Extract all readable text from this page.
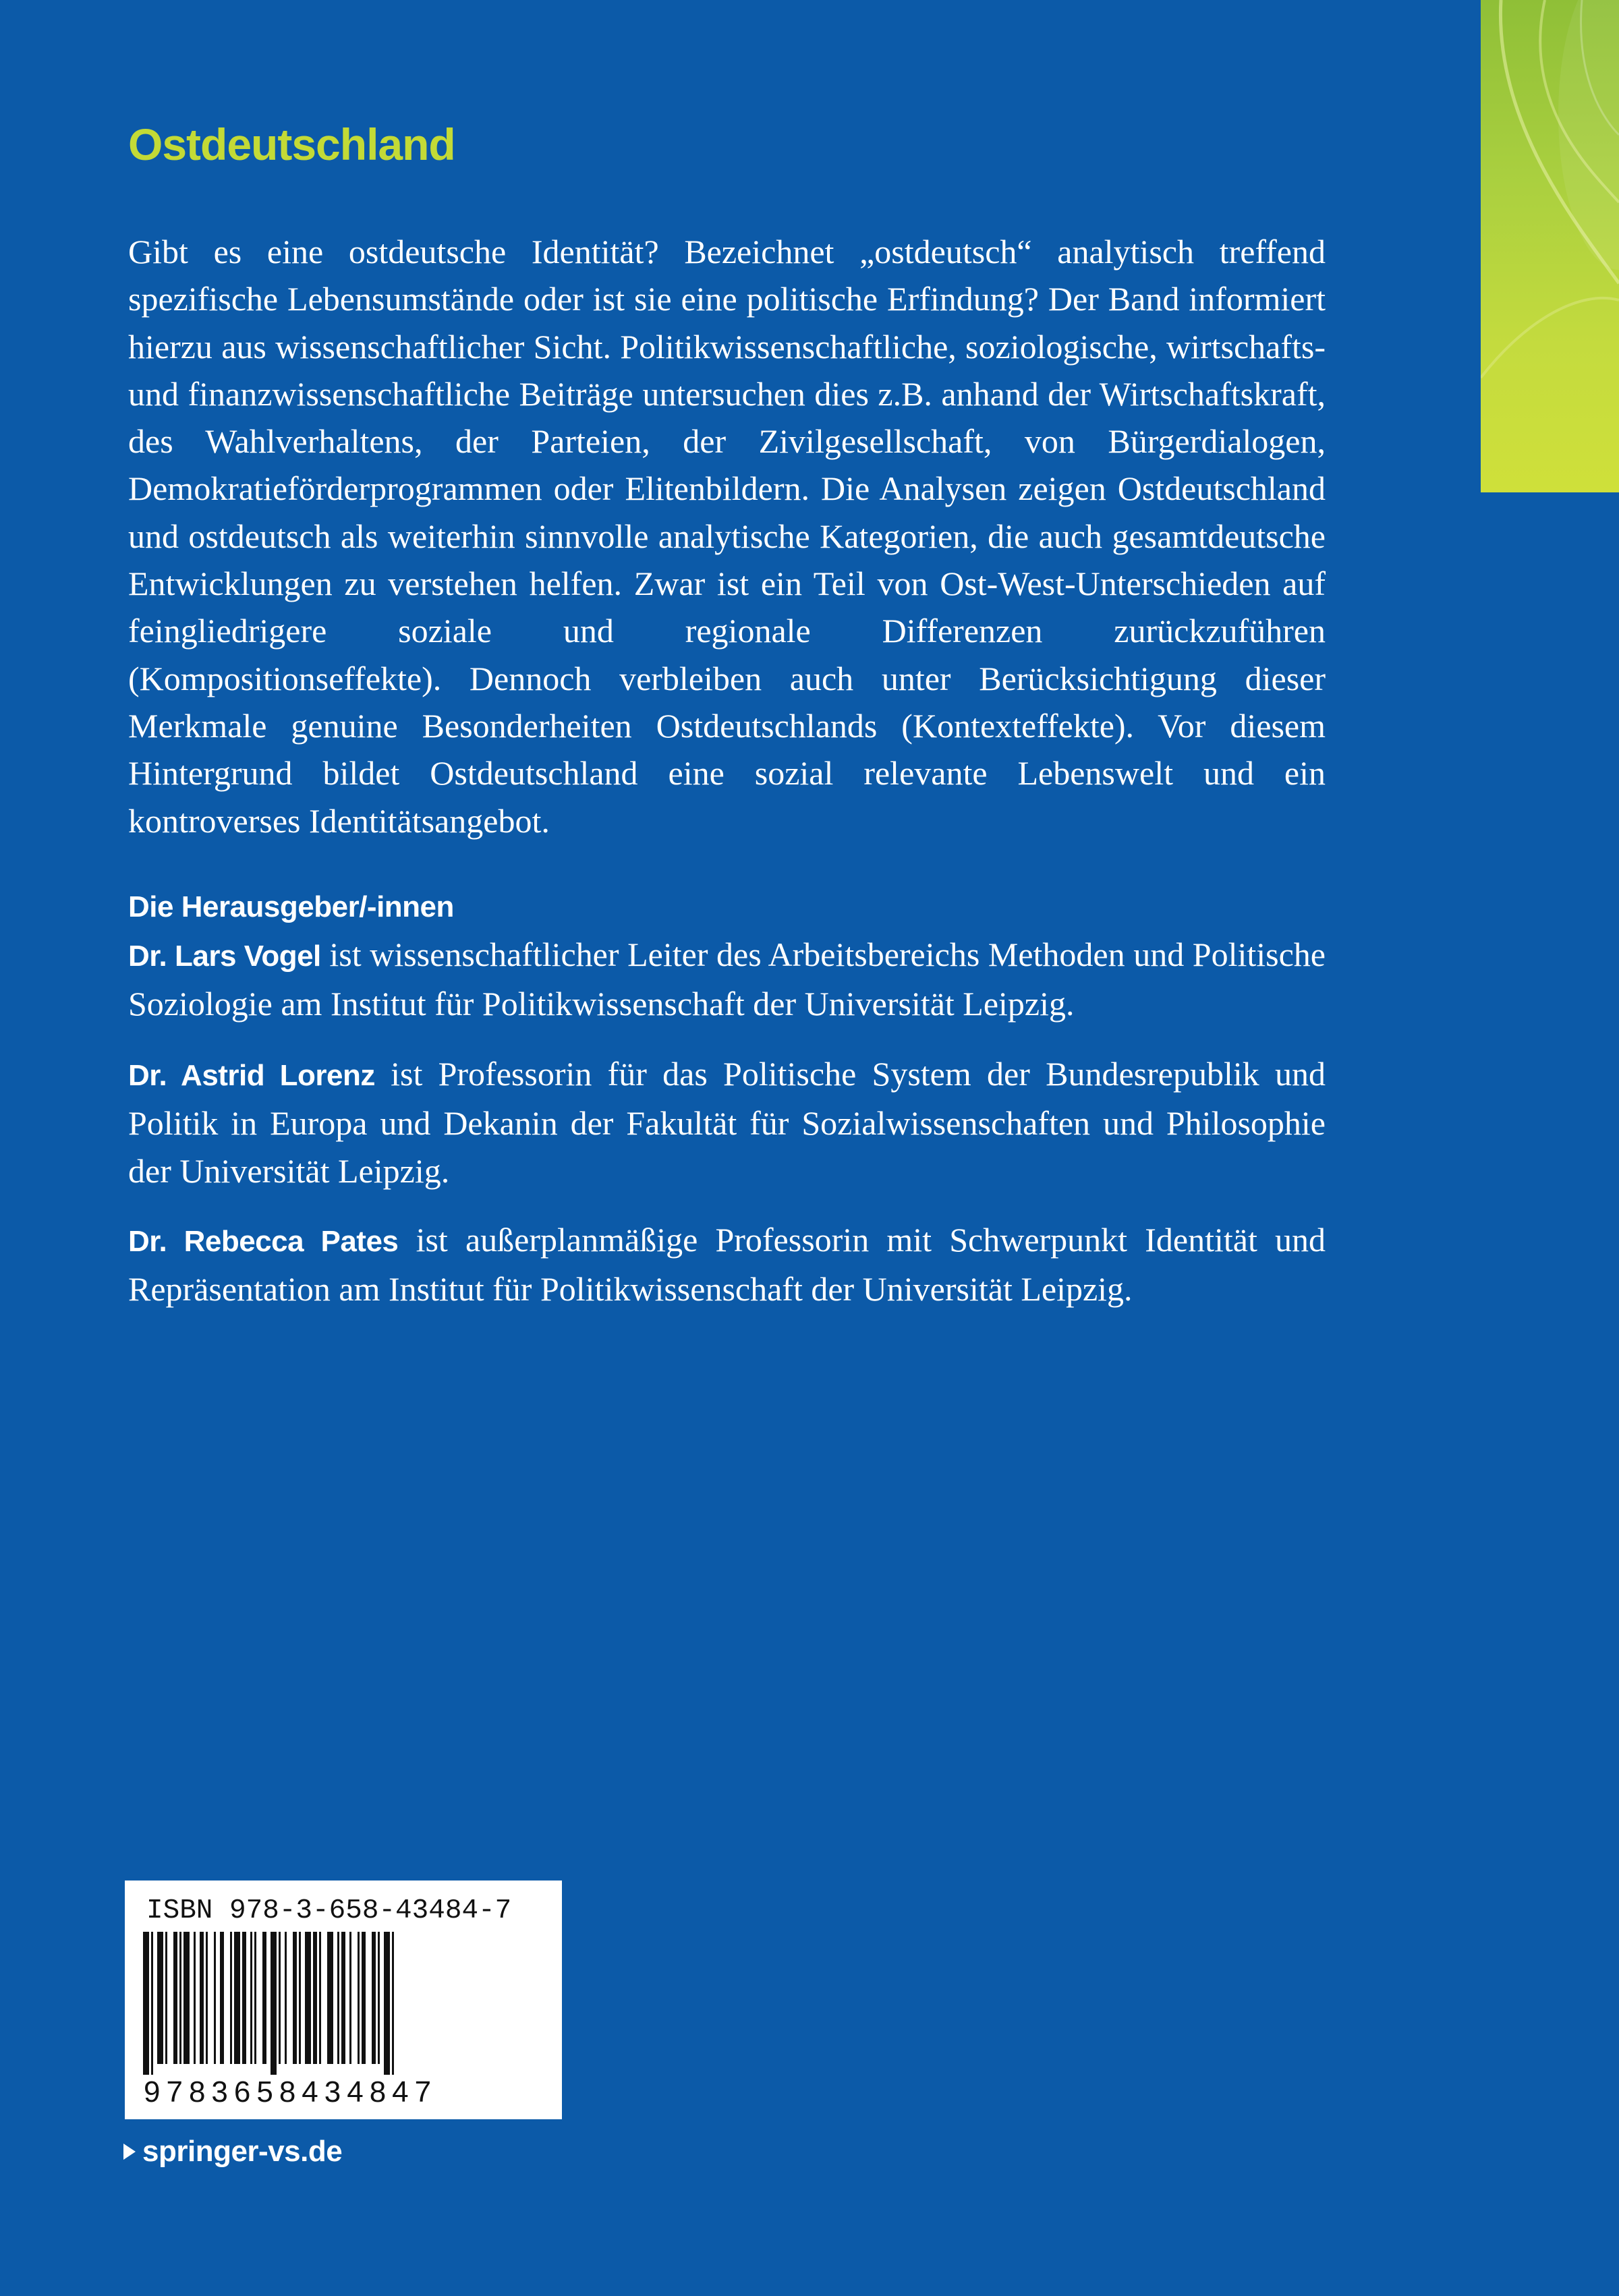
Ostdeutschland

Gibt es eine ostdeutsche Identität? Bezeichnet „ostdeutsch“ analytisch treffend spezifische Lebensumstände oder ist sie eine politische Erfindung? Der Band informiert hierzu aus wissenschaftlicher Sicht. Politikwissenschaftliche, soziologische, wirtschafts- und finanzwissenschaftliche Beiträge untersuchen dies z.B. anhand der Wirtschaftskraft, des Wahlverhaltens, der Parteien, der Zivilgesellschaft, von Bürgerdialogen, Demokratieförderprogrammen oder Elitenbildern. Die Analysen zeigen Ostdeutschland und ostdeutsch als weiterhin sinnvolle analytische Kategorien, die auch gesamtdeutsche Entwicklungen zu verstehen helfen. Zwar ist ein Teil von Ost-West-Unterschieden auf feingliedrigere soziale und regionale Differenzen zurückzuführen (Kompositionseffekte). Dennoch verbleiben auch unter Berücksichtigung dieser Merkmale genuine Besonderheiten Ostdeutschlands (Kontexteffekte). Vor diesem Hintergrund bildet Ostdeutschland eine sozial relevante Lebenswelt und ein kontroverses Identitätsangebot.

Die Herausgeber/-innen

Dr. Lars Vogel ist wissenschaftlicher Leiter des Arbeitsbereichs Methoden und Politische Soziologie am Institut für Politikwissenschaft der Universität Leipzig.

Dr. Astrid Lorenz ist Professorin für das Politische System der Bundesrepublik und Politik in Europa und Dekanin der Fakultät für Sozialwissenschaften und Philosophie der Universität Leipzig.

Dr. Rebecca Pates ist außerplanmäßige Professorin mit Schwerpunkt Identität und Repräsentation am Institut für Politikwissenschaft der Universität Leipzig.

ISBN 978-3-658-43484-7
9783658434847
springer-vs.de
